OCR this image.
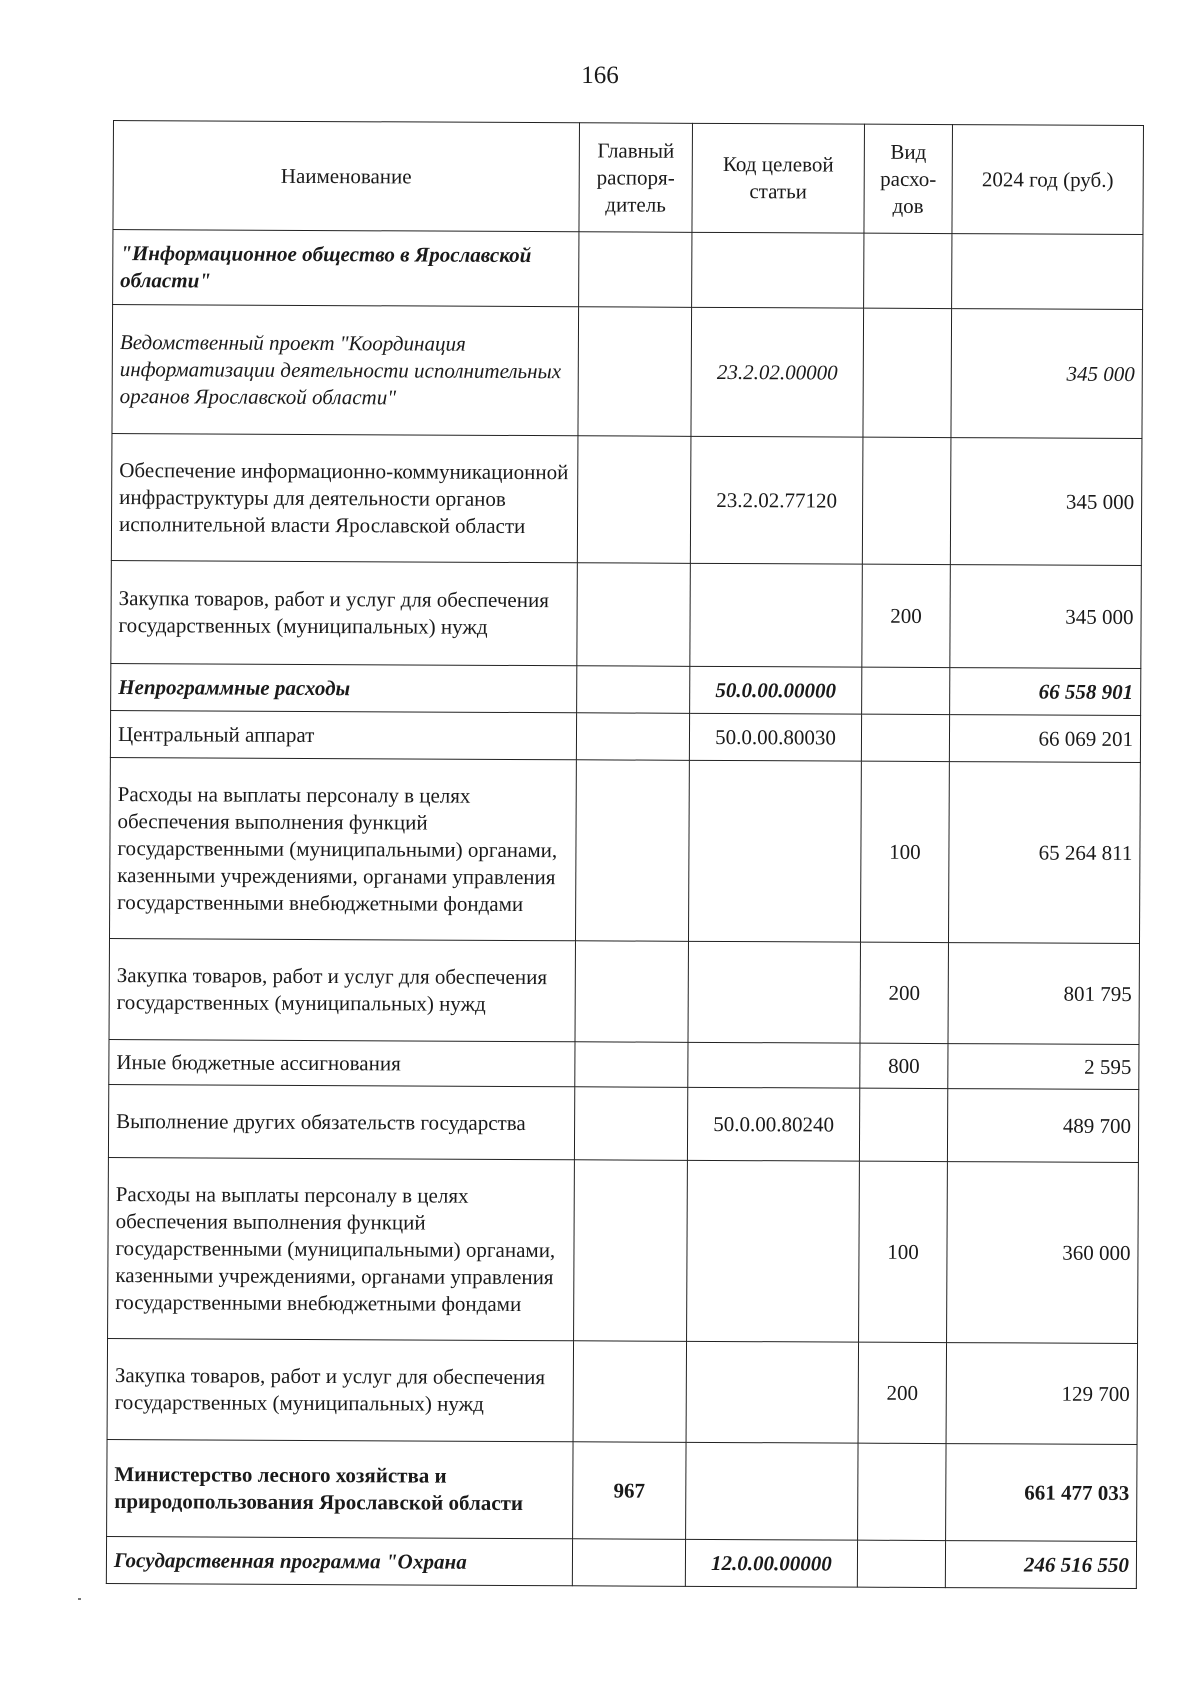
166
Наименование	Главный распоря-дитель	Код целевой статьи	Вид расхо-дов	2024 год (руб.)
"Информационное общество в Ярославской области"				
Ведомственный проект "Координация информатизации деятельности исполнительных органов Ярославской области"		23.2.02.00000		345 000
Обеспечение информационно-коммуникационной инфраструктуры для деятельности органов исполнительной власти Ярославской области		23.2.02.77120		345 000
Закупка товаров, работ и услуг для обеспечения государственных (муниципальных) нужд			200	345 000
Непрограммные расходы		50.0.00.00000		66 558 901
Центральный аппарат		50.0.00.80030		66 069 201
Расходы на выплаты персоналу в целях обеспечения выполнения функций государственными (муниципальными) органами, казенными учреждениями, органами управления государственными внебюджетными фондами			100	65 264 811
Закупка товаров, работ и услуг для обеспечения государственных (муниципальных) нужд			200	801 795
Иные бюджетные ассигнования			800	2 595
Выполнение других обязательств государства		50.0.00.80240		489 700
Расходы на выплаты персоналу в целях обеспечения выполнения функций государственными (муниципальными) органами, казенными учреждениями, органами управления государственными внебюджетными фондами			100	360 000
Закупка товаров, работ и услуг для обеспечения государственных (муниципальных) нужд			200	129 700
Министерство лесного хозяйства и природопользования Ярославской области	967			661 477 033
Государственная программа "Охрана		12.0.00.00000		246 516 550
